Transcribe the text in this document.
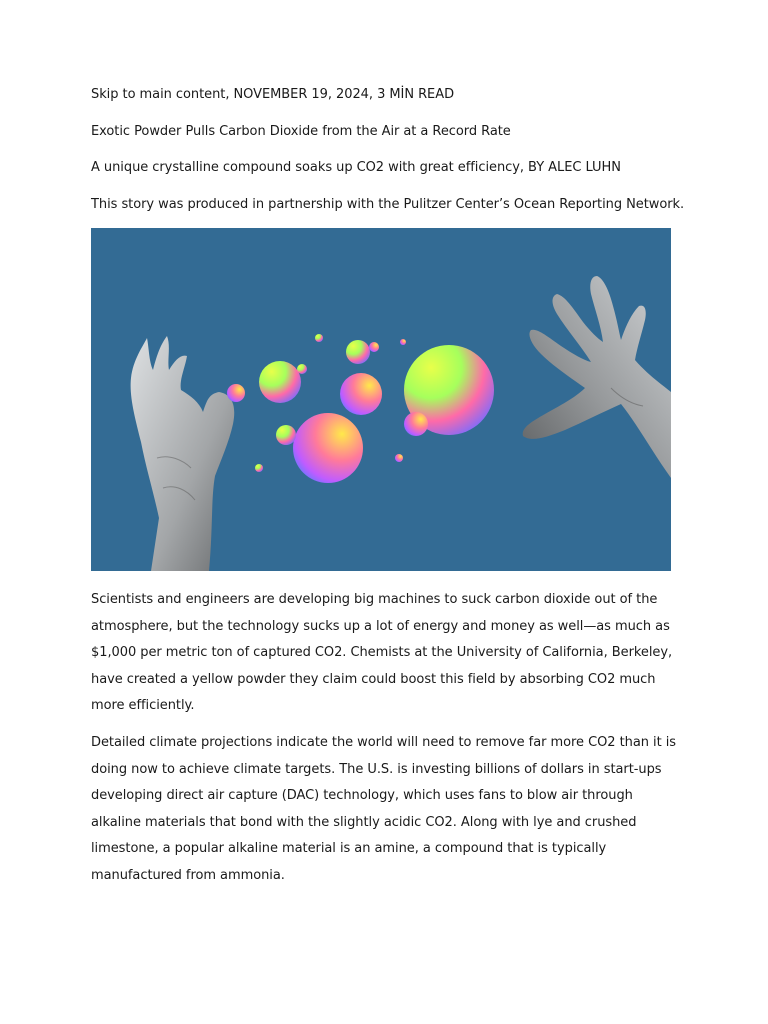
Skip to main content, NOVEMBER 19, 2024, 3 MİN READ
Exotic Powder Pulls Carbon Dioxide from the Air at a Record Rate
A unique crystalline compound soaks up CO2 with great efficiency, BY ALEC LUHN
This story was produced in partnership with the Pulitzer Center’s Ocean Reporting Network.

Scientists and engineers are developing big machines to suck carbon dioxide out of the atmosphere, but the technology sucks up a lot of energy and money as well—as much as $1,000 per metric ton of captured CO2. Chemists at the University of California, Berkeley, have created a yellow powder they claim could boost this field by absorbing CO2 much more efficiently.

Detailed climate projections indicate the world will need to remove far more CO2 than it is doing now to achieve climate targets. The U.S. is investing billions of dollars in start-ups developing direct air capture (DAC) technology, which uses fans to blow air through alkaline materials that bond with the slightly acidic CO2. Along with lye and crushed limestone, a popular alkaline material is an amine, a compound that is typically manufactured from ammonia.
